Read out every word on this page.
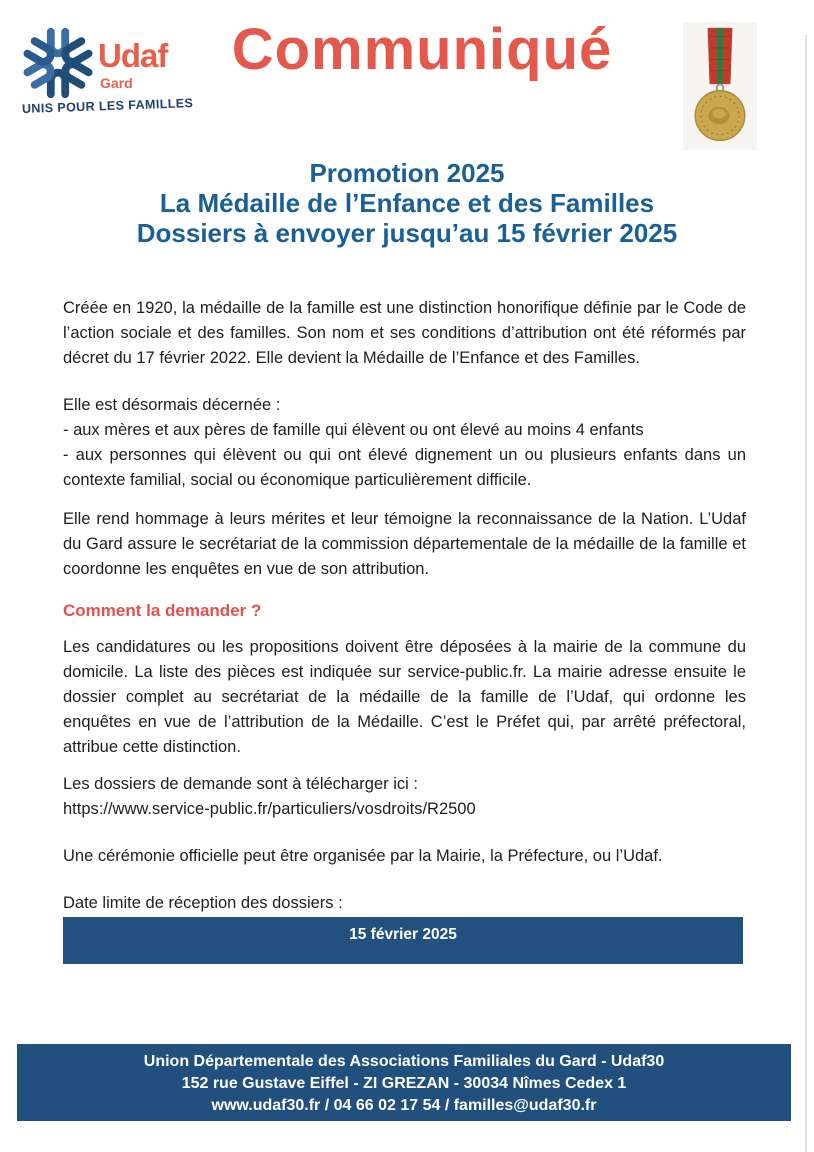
Udaf
Gard
UNIS POUR LES FAMILLES
Communiqué
Promotion 2025
La Médaille de l’Enfance et des Familles
Dossiers à envoyer jusqu’au 15 février 2025

Créée en 1920, la médaille de la famille est une distinction honorifique définie par le Code de l’action sociale et des familles. Son nom et ses conditions d’attribution ont été réformés par décret du 17 février 2022. Elle devient la Médaille de l’Enfance et des Familles.

Elle est désormais décernée :

- aux mères et aux pères de famille qui élèvent ou ont élevé au moins 4 enfants

- aux personnes qui élèvent ou qui ont élevé dignement un ou plusieurs enfants dans un contexte familial, social ou économique particulièrement difficile.

Elle rend hommage à leurs mérites et leur témoigne la reconnaissance de la Nation. L’Udaf du Gard assure le secrétariat de la commission départementale de la médaille de la famille et coordonne les enquêtes en vue de son attribution.

Comment la demander ?

Les candidatures ou les propositions doivent être déposées à la mairie de la commune du domicile. La liste des pièces est indiquée sur service-public.fr. La mairie adresse ensuite le dossier complet au secrétariat de la médaille de la famille de l’Udaf, qui ordonne les enquêtes en vue de l’attribution de la Médaille. C’est le Préfet qui, par arrêté préfectoral, attribue cette distinction.

Les dossiers de demande sont à télécharger ici :

https://www.service-public.fr/particuliers/vosdroits/R2500

Une cérémonie officielle peut être organisée par la Mairie, la Préfecture, ou l’Udaf.

Date limite de réception des dossiers :

15 février 2025
Union Départementale des Associations Familiales du Gard - Udaf30
152 rue Gustave Eiffel - ZI GREZAN - 30034 Nîmes Cedex 1
www.udaf30.fr / 04 66 02 17 54 / familles@udaf30.fr
